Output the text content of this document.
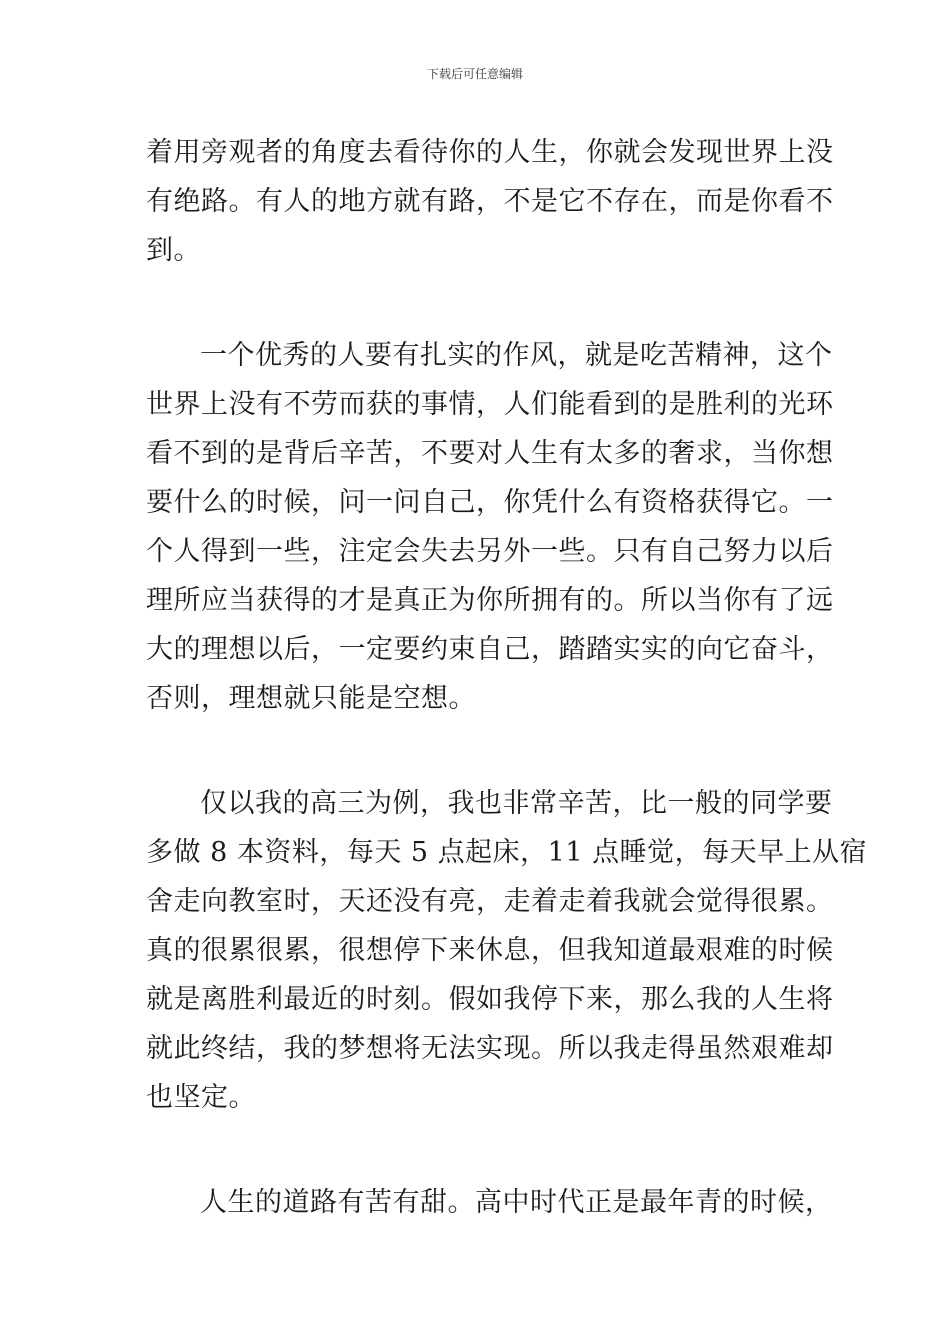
下载后可任意编辑
着用旁观者的角度去看待你的人生，你就会发现世界上没
有绝路。有人的地方就有路，不是它不存在，而是你看不
到。
一个优秀的人要有扎实的作风，就是吃苦精神，这个
世界上没有不劳而获的事情，人们能看到的是胜利的光环
看不到的是背后辛苦，不要对人生有太多的奢求，当你想
要什么的时候，问一问自己，你凭什么有资格获得它。一
个人得到一些，注定会失去另外一些。只有自己努力以后
理所应当获得的才是真正为你所拥有的。所以当你有了远
大的理想以后，一定要约束自己，踏踏实实的向它奋斗，
否则，理想就只能是空想。
仅以我的高三为例，我也非常辛苦，比一般的同学要
多做 8 本资料，每天 5 点起床，11 点睡觉，每天早上从宿
舍走向教室时，天还没有亮，走着走着我就会觉得很累。
真的很累很累，很想停下来休息，但我知道最艰难的时候
就是离胜利最近的时刻。假如我停下来，那么我的人生将
就此终结，我的梦想将无法实现。所以我走得虽然艰难却
也坚定。
人生的道路有苦有甜。高中时代正是最年青的时候，
